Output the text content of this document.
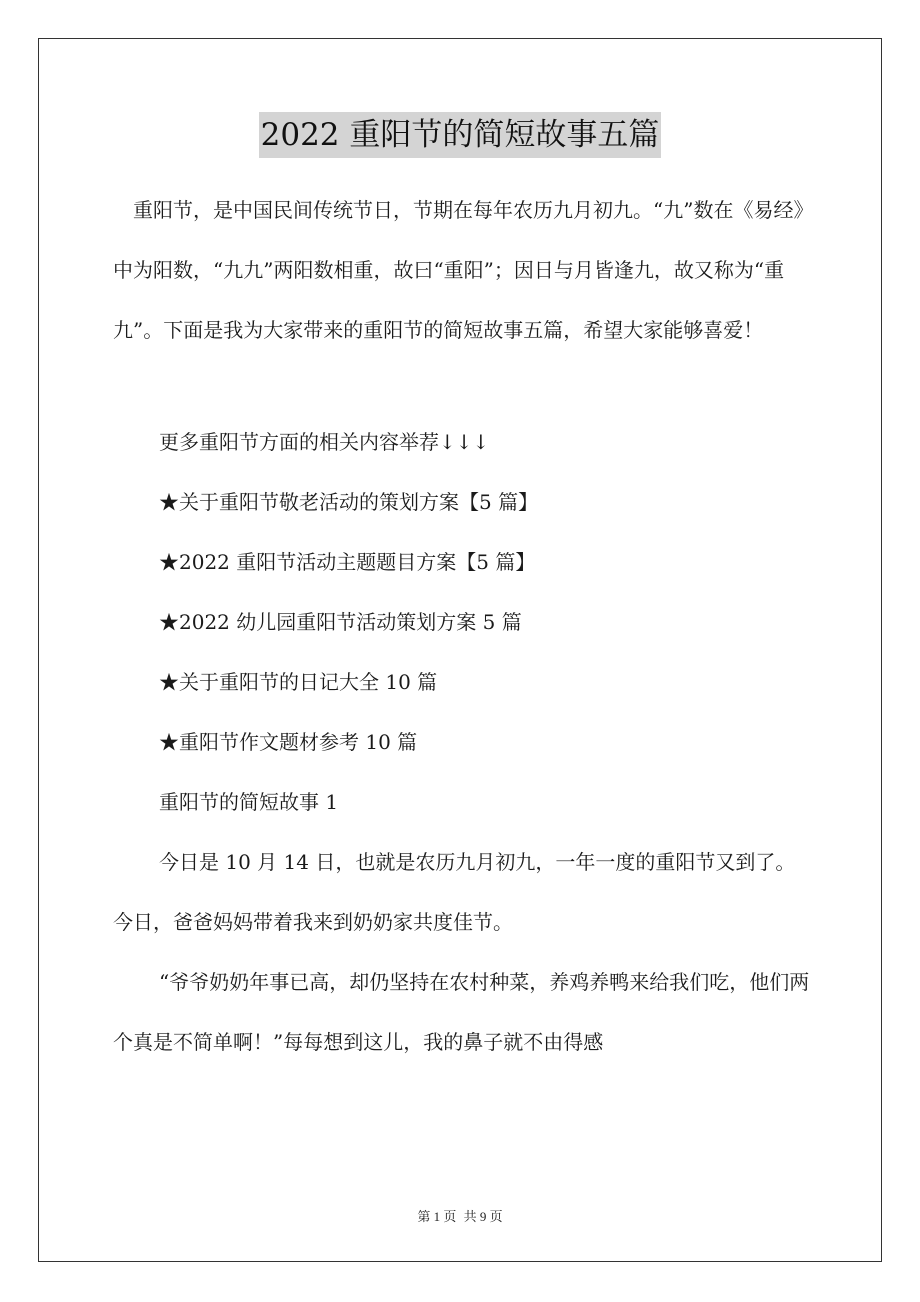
2022 重阳节的简短故事五篇

重阳节，是中国民间传统节日，节期在每年农历九月初九。“九”数在《易经》中为阳数，“九九”两阳数相重，故曰“重阳”；因日与月皆逢九，故又称为“重九”。下面是我为大家带来的重阳节的简短故事五篇，希望大家能够喜爱！

更多重阳节方面的相关内容举荐↓↓↓
★关于重阳节敬老活动的策划方案【5 篇】
★2022 重阳节活动主题题目方案【5 篇】
★2022 幼儿园重阳节活动策划方案 5 篇
★关于重阳节的日记大全 10 篇
★重阳节作文题材参考 10 篇
重阳节的简短故事 1

今日是 10 月 14 日，也就是农历九月初九，一年一度的重阳节又到了。今日，爸爸妈妈带着我来到奶奶家共度佳节。

“爷爷奶奶年事已高，却仍坚持在农村种菜，养鸡养鸭来给我们吃，他们两个真是不简单啊！”每每想到这儿，我的鼻子就不由得感

第 1 页 共 9 页
